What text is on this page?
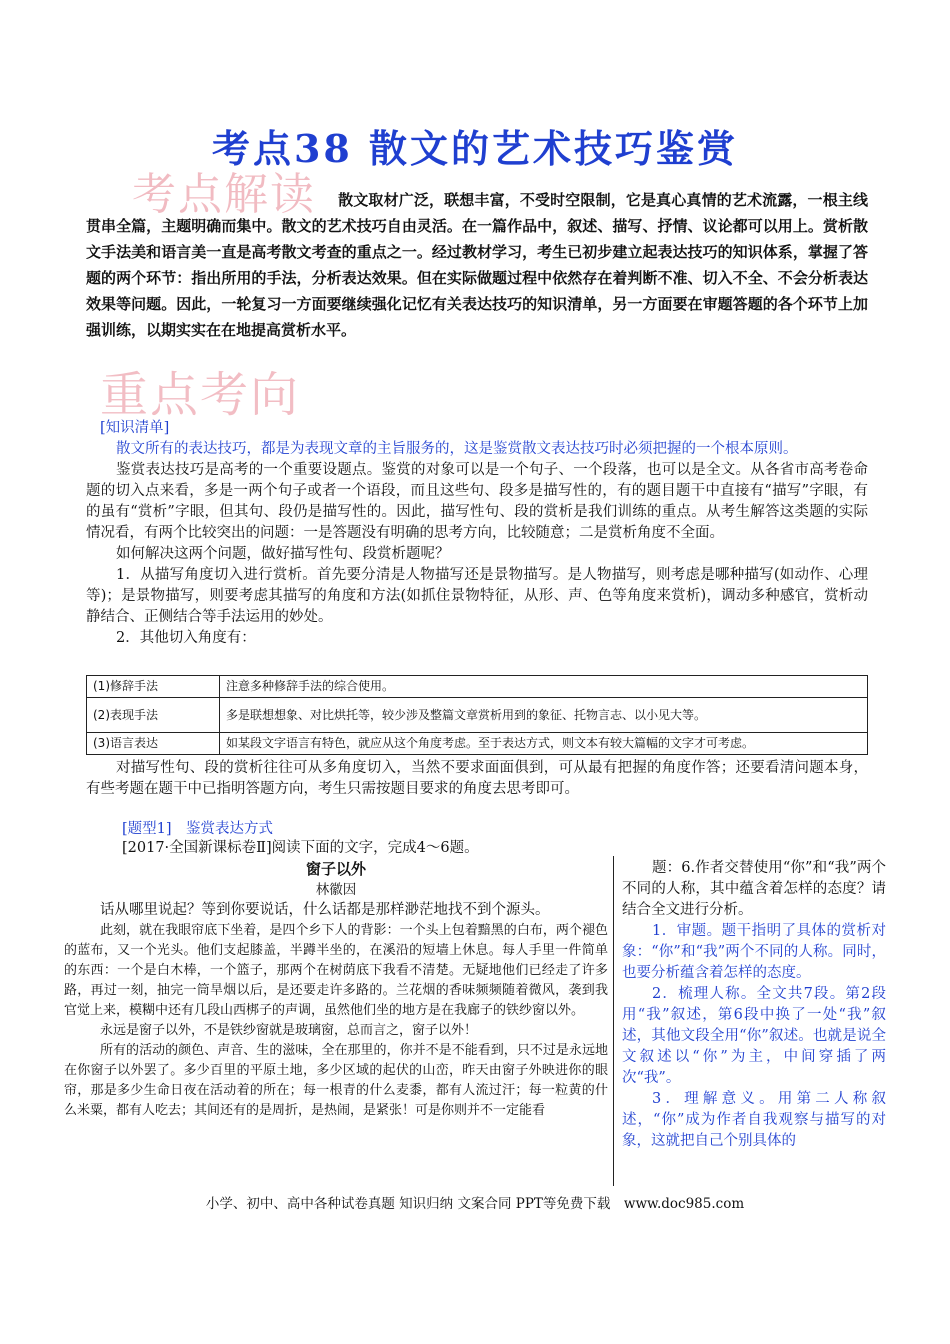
考点38 散文的艺术技巧鉴赏
考点解读	散文取材广泛，联想丰富，不受时空限制，它是真心真情的艺术流露，一根主线贯串全篇，主题明确而集中。散文的艺术技巧自由灵活。在一篇作品中，叙述、描写、抒情、议论都可以用上。赏析散文手法美和语言美一直是高考散文考查的重点之一。经过教材学习，考生已初步建立起表达技巧的知识体系，掌握了答题的两个环节：指出所用的手法，分析表达效果。但在实际做题过程中依然存在着判断不准、切入不全、不会分析表达效果等问题。因此，一轮复习一方面要继续强化记忆有关表达技巧的知识清单，另一方面要在审题答题的各个环节上加强训练，以期实实在在地提高赏析水平。

重点考向

[知识清单]

散文所有的表达技巧，都是为表现文章的主旨服务的，这是鉴赏散文表达技巧时必须把握的一个根本原则。

鉴赏表达技巧是高考的一个重要设题点。鉴赏的对象可以是一个句子、一个段落，也可以是全文。从各省市高考卷命题的切入点来看，多是一两个句子或者一个语段，而且这些句、段多是描写性的，有的题目题干中直接有“描写”字眼，有的虽有“赏析”字眼，但其句、段仍是描写性的。因此，描写性句、段的赏析是我们训练的重点。从考生解答这类题的实际情况看，有两个比较突出的问题：一是答题没有明确的思考方向，比较随意；二是赏析角度不全面。

如何解决这两个问题，做好描写性句、段赏析题呢？

1．从描写角度切入进行赏析。首先要分清是人物描写还是景物描写。是人物描写，则考虑是哪种描写(如动作、心理等)；是景物描写，则要考虑其描写的角度和方法(如抓住景物特征，从形、声、色等角度来赏析)，调动多种感官，赏析动静结合、正侧结合等手法运用的妙处。

2．其他切入角度有：

(1)修辞手法	注意多种修辞手法的综合使用。
(2)表现手法	多是联想想象、对比烘托等，较少涉及整篇文章赏析用到的象征、托物言志、以小见大等。
(3)语言表达	如某段文字语言有特色，就应从这个角度考虑。至于表达方式，则文本有较大篇幅的文字才可考虑。

对描写性句、段的赏析往往可从多角度切入，当然不要求面面俱到，可从最有把握的角度作答；还要看清问题本身，有些考题在题干中已指明答题方向，考生只需按题目要求的角度去思考即可。

[题型1]　鉴赏表达方式
[2017·全国新课标卷Ⅱ]阅读下面的文字，完成4～6题。

窗子以外

林徽因

话从哪里说起？等到你要说话，什么话都是那样渺茫地找不到个源头。

此刻，就在我眼帘底下坐着，是四个乡下人的背影：一个头上包着黯黑的白布，两个褪色的蓝布，又一个光头。他们支起膝盖，半蹲半坐的，在溪沿的短墙上休息。每人手里一件简单的东西：一个是白木棒，一个篮子，那两个在树荫底下我看不清楚。无疑地他们已经走了许多路，再过一刻，抽完一筒旱烟以后，是还要走许多路的。兰花烟的香味频频随着微风，袭到我官觉上来，模糊中还有几段山西梆子的声调，虽然他们坐的地方是在我廊子的铁纱窗以外。

永远是窗子以外，不是铁纱窗就是玻璃窗，总而言之，窗子以外！

所有的活动的颜色、声音、生的滋味，全在那里的，你并不是不能看到，只不过是永远地在你窗子以外罢了。多少百里的平原土地，多少区域的起伏的山峦，昨天由窗子外映进你的眼帘，那是多少生命日夜在活动着的所在；每一根青的什么麦黍，都有人流过汗；每一粒黄的什么米粟，都有人吃去；其间还有的是周折，是热闹，是紧张！可是你则并不一定能看

题：6.作者交替使用“你”和“我”两个不同的人称，其中蕴含着怎样的态度？请结合全文进行分析。

1．审题。题干指明了具体的赏析对象：“你”和“我”两个不同的人称。同时，也要分析蕴含着怎样的态度。

2．梳理人称。全文共7段。第2段用“我”叙述，第6段中换了一处“我”叙述，其他文段全用“你”叙述。也就是说全文叙述以“你”为主，中间穿插了两次“我”。

3．理解意义。用第二人称叙述，“你”成为作者自我观察与描写的对象，这就把自己个别具体的

小学、初中、高中各种试卷真题 知识归纳 文案合同 PPT等免费下载　www.doc985.com
